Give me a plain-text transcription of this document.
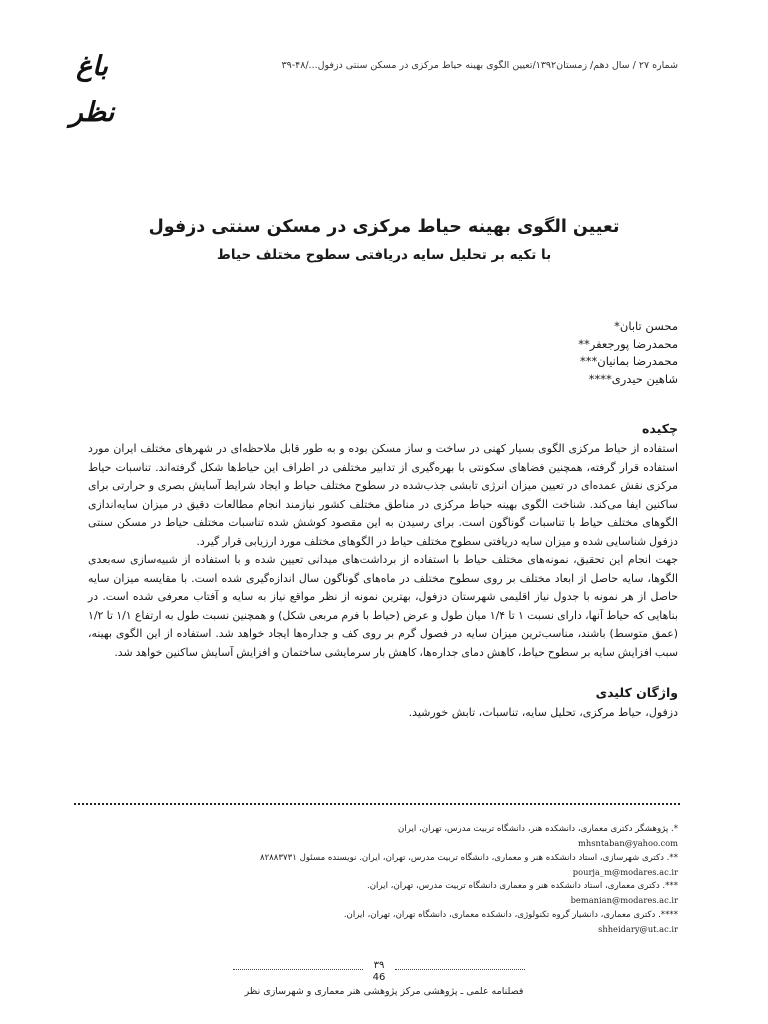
شماره ۲۷ / سال دهم/ زمستان۱۳۹۲/تعیین الگوی بهینه حیاط مرکزی در مسکن سنتی دزفول.../۴۸-۳۹
باغ نظر
تعیین الگوی بهینه حیاط مرکزی در مسکن سنتی دزفول
با تکیه بر تحلیل سایه دریافتی سطوح مختلف حیاط
محسن تابان*
محمدرضا پورجعفر**
محمدرضا بمانیان***
شاهین حیدری****
چکیده

استفاده از حیاط مرکزی الگوی بسیار کهنی در ساخت و ساز مسکن بوده و به طور قابل ملاحظه‌ای در شهرهای مختلف ایران مورد استفاده قرار گرفته، همچنین فضاهای سکونتی با بهره‌گیری از تدابیر مختلفی در اطراف این حیاط‌ها شکل گرفته‌اند. تناسبات حیاط مرکزی نقش عمده‌ای در تعیین میزان انرژی تابشی جذب‌شده در سطوح مختلف حیاط و ایجاد شرایط آسایش بصری و حرارتی برای ساکنین ایفا می‌کند. شناخت الگوی بهینه حیاط مرکزی در مناطق مختلف کشور نیازمند انجام مطالعات دقیق در میزان سایه‌اندازی الگوهای مختلف حیاط با تناسبات گوناگون است. برای رسیدن به این مقصود کوشش شده تناسبات مختلف حیاط در مسکن سنتی دزفول شناسایی شده و میزان سایه دریافتی سطوح مختلف حیاط در الگوهای مختلف مورد ارزیابی قرار گیرد.

جهت انجام این تحقیق، نمونه‌های مختلف حیاط با استفاده از برداشت‌های میدانی تعیین شده و با استفاده از شبیه‌سازی سه‌بعدی الگوها، سایه حاصل از ابعاد مختلف بر روی سطوح مختلف در ماه‌های گوناگون سال اندازه‌گیری شده است. با مقایسه میزان سایه حاصل از هر نمونه با جدول نیاز اقلیمی شهرستان دزفول، بهترین نمونه از نظر مواقع نیاز به سایه و آفتاب معرفی شده است. در بناهایی که حیاط آنها، دارای نسبت ۱ تا ۱/۴ میان طول و عرض (حیاط با فرم مربعی شکل) و همچنین نسبت طول به ارتفاع ۱/۱ تا ۱/۲ (عمق متوسط) باشند، مناسب‌ترین میزان سایه در فصول گرم بر روی کف و جداره‌ها ایجاد خواهد شد. استفاده از این الگوی بهینه، سبب افزایش سایه بر سطوح حیاط، کاهش دمای جداره‌ها، کاهش بار سرمایشی ساختمان و افزایش آسایش ساکنین خواهد شد.

واژگان کلیدی

دزفول، حیاط مرکزی، تحلیل سایه، تناسبات، تابش خورشید.

*. پژوهشگر دکتری معماری، دانشکده هنر، دانشگاه تربیت مدرس، تهران، ایران
mhsntaban@yahoo.com
**. دکتری شهرسازی، استاد دانشکده هنر و معماری، دانشگاه تربیت مدرس، تهران، ایران. نویسنده مسئول ۸۲۸۸۳۷۳۱
pourja_m@modares.ac.ir
***. دکتری معماری، استاد دانشکده هنر و معماری دانشگاه تربیت مدرس، تهران، ایران.
bemanian@modares.ac.ir
****. دکتری معماری، دانشیار گروه تکنولوژی، دانشکده معماری، دانشگاه تهران، تهران، ایران.
shheidary@ut.ac.ir
۳۹
46
فصلنامه علمی ـ پژوهشی مرکز پژوهشی هنر معماری و شهرسازی نظر
